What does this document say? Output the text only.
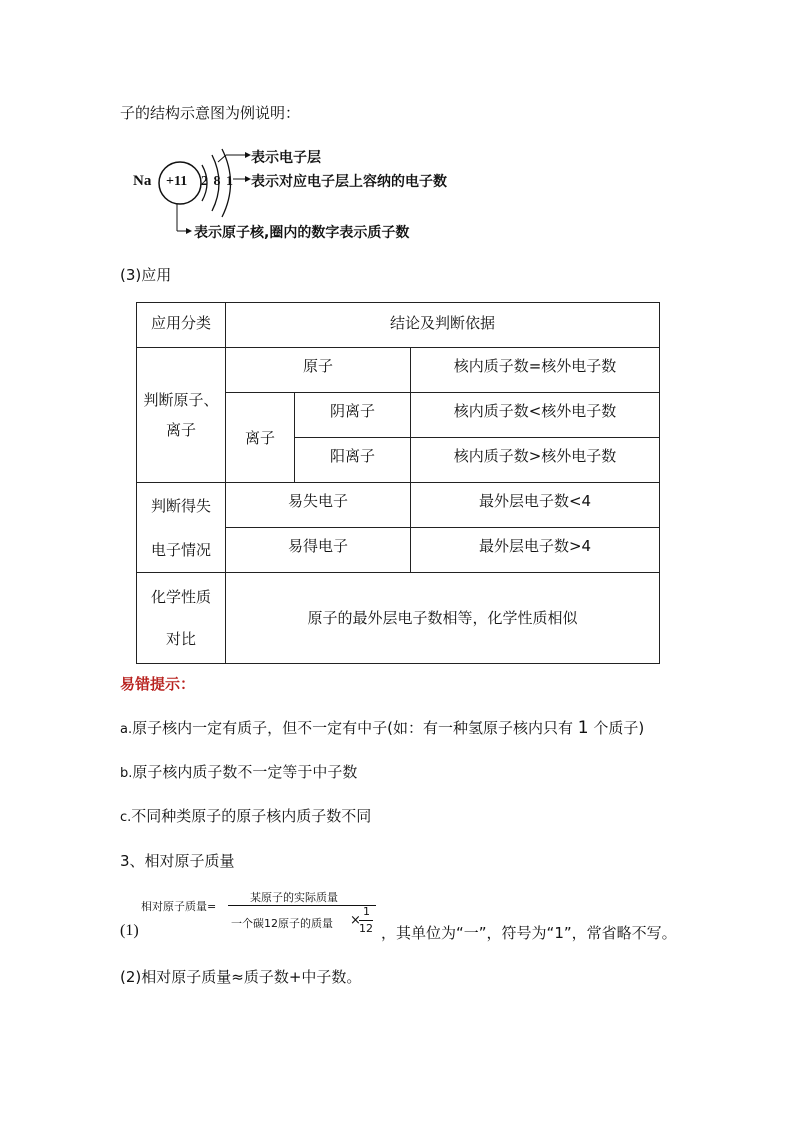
子的结构示意图为例说明：
Na +11 2 8 1
表示电子层
表示对应电子层上容纳的电子数
表示原子核,圈内的数字表示质子数
(3)应用
应用分类	结论及判断依据		

判断原子、
离子	原子		核内质子数=核外电子数
	离子	阴离子	核内质子数<核外电子数
		阳离子	核内质子数>核外电子数

判断得失
电子情况	易失电子		最外层电子数<4
	易得电子		最外层电子数>4

化学性质
对比	原子的最外层电子数相等，化学性质相似		
易错提示：
a.原子核内一定有质子，但不一定有中子(如：有一种氢原子核内只有 1 个质子)
b.原子核内质子数不一定等于中子数
c.不同种类原子的原子核内质子数不同
3、相对原子质量
相对原子质量=
某原子的实际质量
一个碳12原子的质量 ×
1
12
(1)	，其单位为“一”，符号为“1”，常省略不写。
(2)相对原子质量≈质子数+中子数。
